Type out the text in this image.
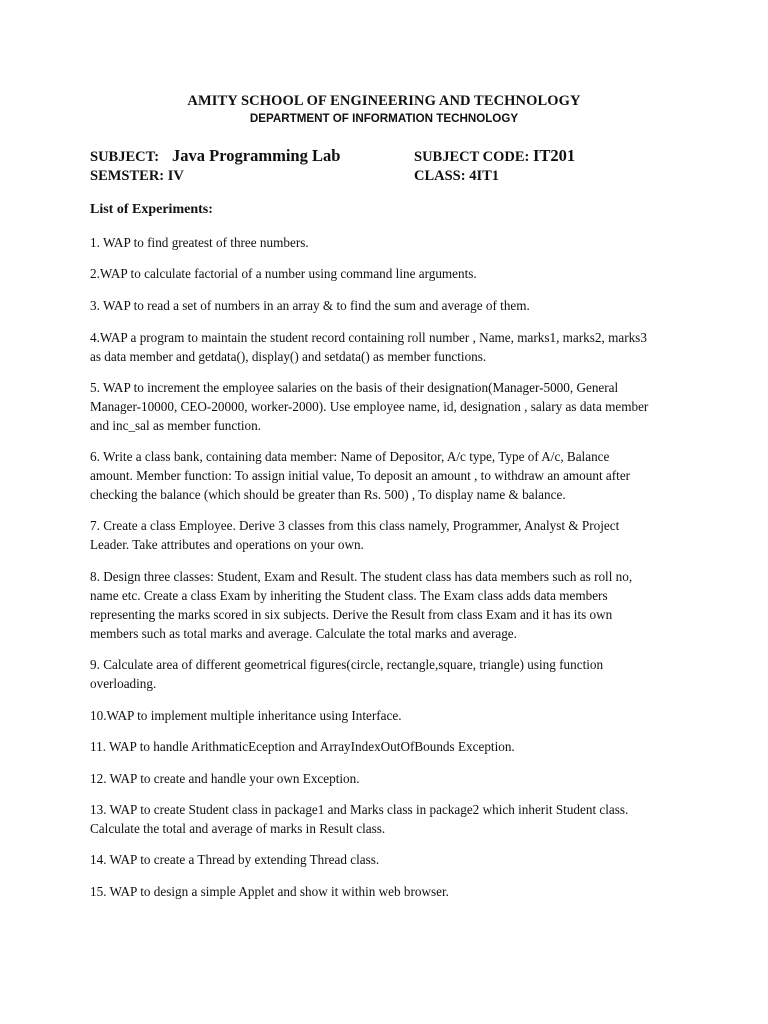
AMITY SCHOOL OF ENGINEERING AND TECHNOLOGY
DEPARTMENT OF INFORMATION TECHNOLOGY
SUBJECT: Java Programming Lab	SUBJECT CODE: IT201
SEMSTER: IV	CLASS: 4IT1
List of Experiments:
1. WAP to find greatest of three numbers.
2.WAP to calculate factorial of a number using command line arguments.
3. WAP to read a set of numbers in an array & to find the sum and average of them.
4.WAP a program to maintain the student record containing roll number , Name, marks1, marks2, marks3
as data member and getdata(), display() and setdata() as member functions.
5. WAP to increment the employee salaries on the basis of their designation(Manager-5000, General
Manager-10000, CEO-20000, worker-2000). Use employee name, id, designation , salary as data member
and inc_sal as member function.
6. Write a class bank, containing data member: Name of Depositor, A/c type, Type of A/c, Balance
amount. Member function: To assign initial value, To deposit an amount , to withdraw an amount after
checking the balance (which should be greater than Rs. 500) , To display name & balance.
7. Create a class Employee. Derive 3 classes from this class namely, Programmer, Analyst & Project
Leader. Take attributes and operations on your own.
8. Design three classes: Student, Exam and Result. The student class has data members such as roll no,
name etc. Create a class Exam by inheriting the Student class. The Exam class adds data members
representing the marks scored in six subjects. Derive the Result from class Exam and it has its own
members such as total marks and average. Calculate the total marks and average.
9. Calculate area of different geometrical figures(circle, rectangle,square, triangle) using function
overloading.
10.WAP to implement multiple inheritance using Interface.
11. WAP to handle ArithmaticEception and ArrayIndexOutOfBounds Exception.
12. WAP to create and handle your own Exception.
13. WAP to create Student class in package1 and Marks class in package2 which inherit Student class.
Calculate the total and average of marks in Result class.
14. WAP to create a Thread by extending Thread class.
15. WAP to design a simple Applet and show it within web browser.
